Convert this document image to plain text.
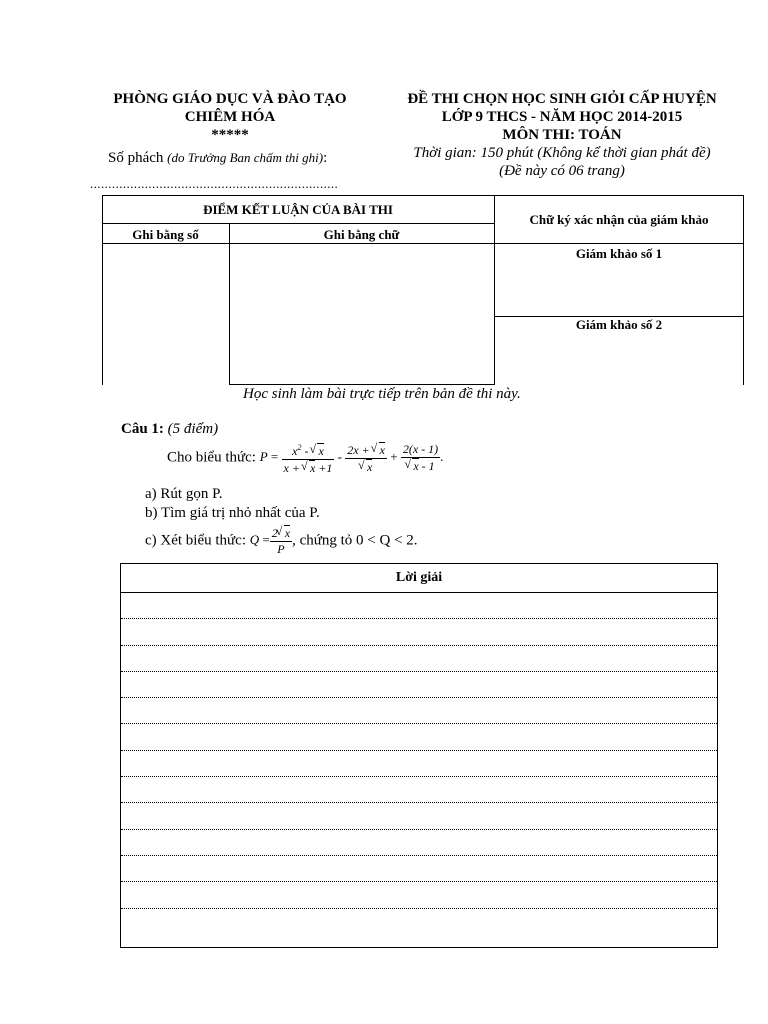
PHÒNG GIÁO DỤC VÀ ĐÀO TẠO
CHIÊM HÓA
*****
Số phách (do Trưởng Ban chấm thi ghi):
....................................................................
ĐỀ THI CHỌN HỌC SINH GIỎI CẤP HUYỆN
LỚP 9 THCS - NĂM HỌC 2014-2015
MÔN THI: TOÁN
Thời gian: 150 phút (Không kể thời gian phát đề)
(Đề này có 06 trang)
ĐIỂM KẾT LUẬN CỦA BÀI THI
Ghi bằng số	Ghi bằng chữ
Chữ ký xác nhận của giám khảo
Giám khảo số 1
Giám khảo số 2
Học sinh làm bài trực tiếp trên bản đề thi này.
Câu 1: (5 điểm)
Cho biểu thức: $P = \frac{x^2 - √ x}{x + √ x +1} - 2x$ + √ x
√ x + 2(x - 1)
√ x - 1 .
a) Rút gọn P.
b) Tìm giá trị nhỏ nhất của P.
c) Xét biểu thức: $Q = \frac{2√ x}{P}$ , chứng tỏ 0 < Q < 2.
Lời giải
